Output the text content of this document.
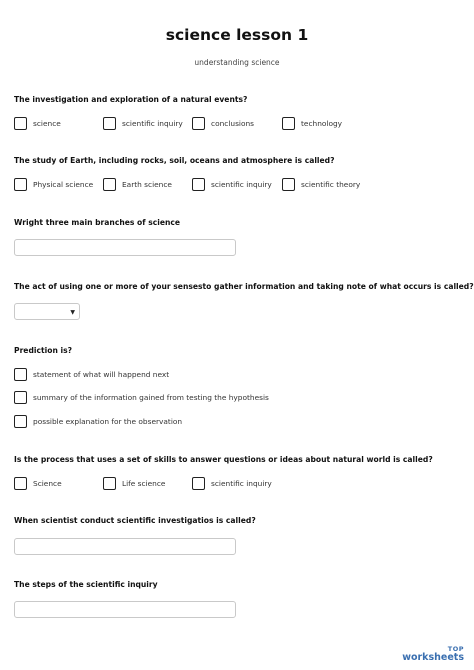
science lesson 1
understanding science
The investigation and exploration of a natural events?
science	scientific inquiry	conclusions	technology
The study of Earth, including rocks, soil, oceans and atmosphere is called?
Physical science	Earth science	scientific inquiry	scientific theory
Wright three main branches of science
The act of using one or more of your sensesto gather information and taking note of what occurs is called?
▼
Prediction is?
statement of what will happend next
summary of the information gained from testing the hypothesis
possible explanation for the observation
Is the process that uses a set of skills to answer questions or ideas about natural world is called?
Science	Life science	scientific inquiry
When scientist conduct scientific investigatios is called?
The steps of the scientific inquiry
TOP
worksheets
